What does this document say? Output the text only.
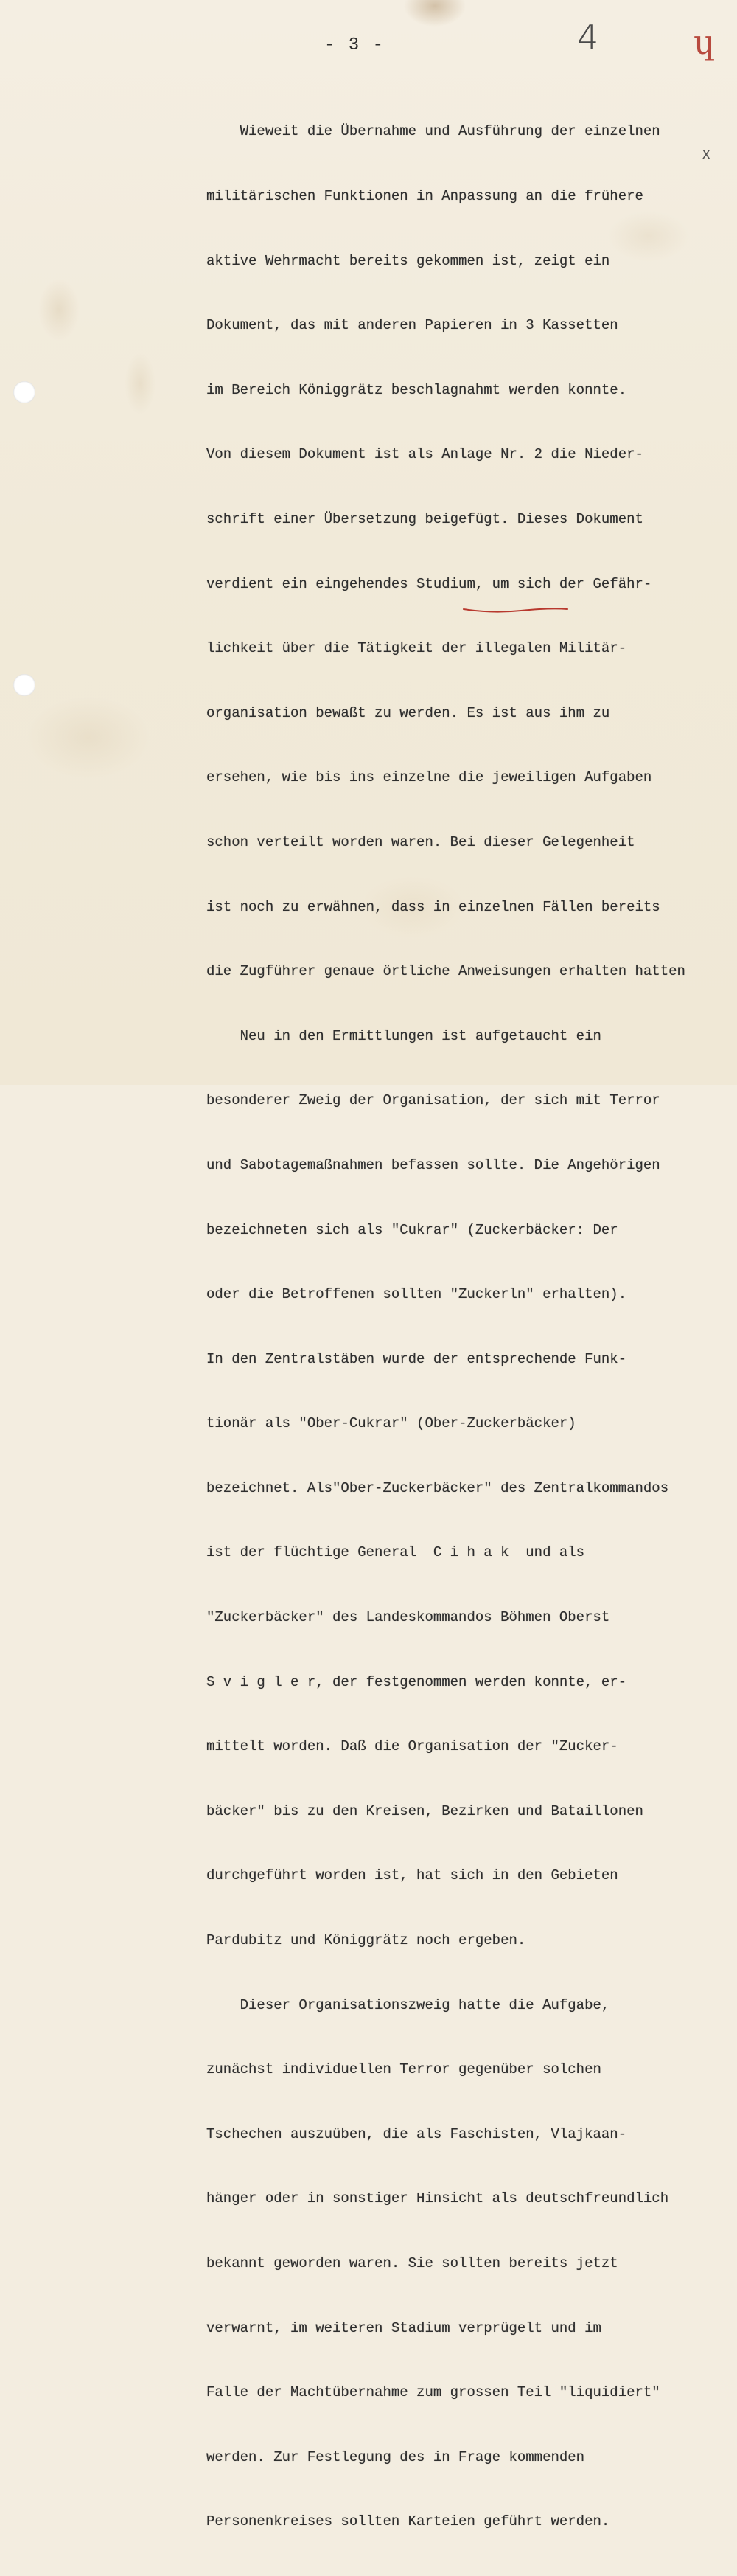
- 3 -	4	ɥ
X

Wieweit die Übernahme und Ausführung der einzelnen

militärischen Funktionen in Anpassung an die frühere

aktive Wehrmacht bereits gekommen ist, zeigt ein

Dokument, das mit anderen Papieren in 3 Kassetten

im Bereich Königgrätz beschlagnahmt werden konnte.

Von diesem Dokument ist als Anlage Nr. 2 die Nieder-

schrift einer Übersetzung beigefügt. Dieses Dokument

verdient ein eingehendes Studium, um sich der Gefähr-

lichkeit über die Tätigkeit der illegalen Militär-

organisation bewaßt zu werden. Es ist aus ihm zu

ersehen, wie bis ins einzelne die jeweiligen Aufgaben

schon verteilt worden waren. Bei dieser Gelegenheit

ist noch zu erwähnen, dass in einzelnen Fällen bereits

die Zugführer genaue örtliche Anweisungen erhalten hatten

Neu in den Ermittlungen ist aufgetaucht ein

besonderer Zweig der Organisation, der sich mit Terror

und Sabotagemaßnahmen befassen sollte. Die Angehörigen

bezeichneten sich als "Cukrar" (Zuckerbäcker: Der

oder die Betroffenen sollten "Zuckerln" erhalten).

In den Zentralstäben wurde der entsprechende Funk-

tionär als "Ober-Cukrar" (Ober-Zuckerbäcker)

bezeichnet. Als"Ober-Zuckerbäcker" des Zentralkommandos

ist der flüchtige General  C i h a k  und als

"Zuckerbäcker" des Landeskommandos Böhmen Oberst

S v i g l e r, der festgenommen werden konnte, er-

mittelt worden. Daß die Organisation der "Zucker-

bäcker" bis zu den Kreisen, Bezirken und Bataillonen

durchgeführt worden ist, hat sich in den Gebieten

Pardubitz und Königgrätz noch ergeben.

Dieser Organisationszweig hatte die Aufgabe,

zunächst individuellen Terror gegenüber solchen

Tschechen auszuüben, die als Faschisten, Vlajkaan-

hänger oder in sonstiger Hinsicht als deutschfreundlich

bekannt geworden waren. Sie sollten bereits jetzt

verwarnt, im weiteren Stadium verprügelt und im

Falle der Machtübernahme zum grossen Teil "liquidiert"

werden. Zur Festlegung des in Frage kommenden

Personenkreises sollten Karteien geführt werden.
